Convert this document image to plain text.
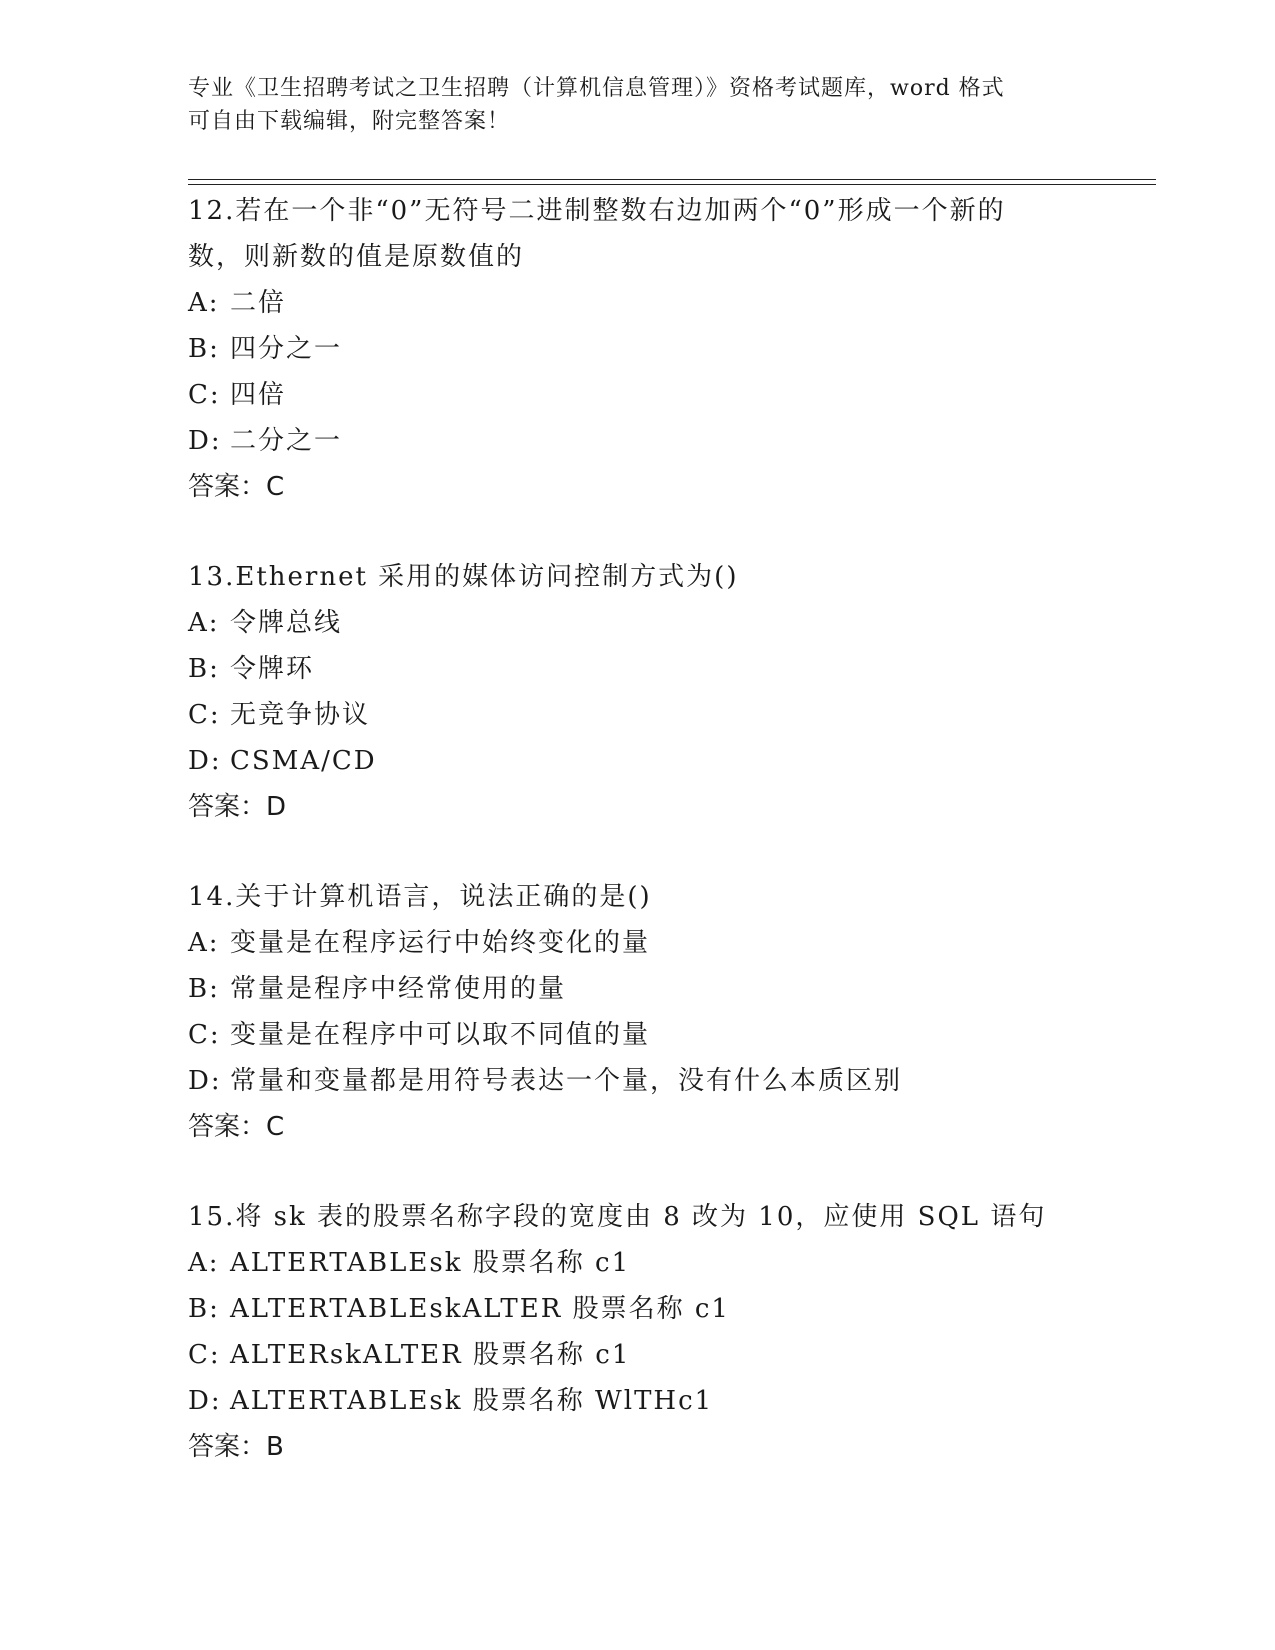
专业《卫生招聘考试之卫生招聘（计算机信息管理）》资格考试题库，word 格式
可自由下载编辑，附完整答案！
12.若在一个非“0”无符号二进制整数右边加两个“0”形成一个新的
数，则新数的值是原数值的
A: 二倍
B: 四分之一
C: 四倍
D: 二分之一
答案：C
13.Ethernet 采用的媒体访问控制方式为()
A: 令牌总线
B: 令牌环
C: 无竞争协议
D: CSMA/CD
答案：D
14.关于计算机语言，说法正确的是()
A: 变量是在程序运行中始终变化的量
B: 常量是程序中经常使用的量
C: 变量是在程序中可以取不同值的量
D: 常量和变量都是用符号表达一个量，没有什么本质区别
答案：C
15.将 sk 表的股票名称字段的宽度由 8 改为 10，应使用 SQL 语句
A: ALTERTABLEsk 股票名称 c1
B: ALTERTABLEskALTER 股票名称 c1
C: ALTERskALTER 股票名称 c1
D: ALTERTABLEsk 股票名称 WlTHc1
答案：B
